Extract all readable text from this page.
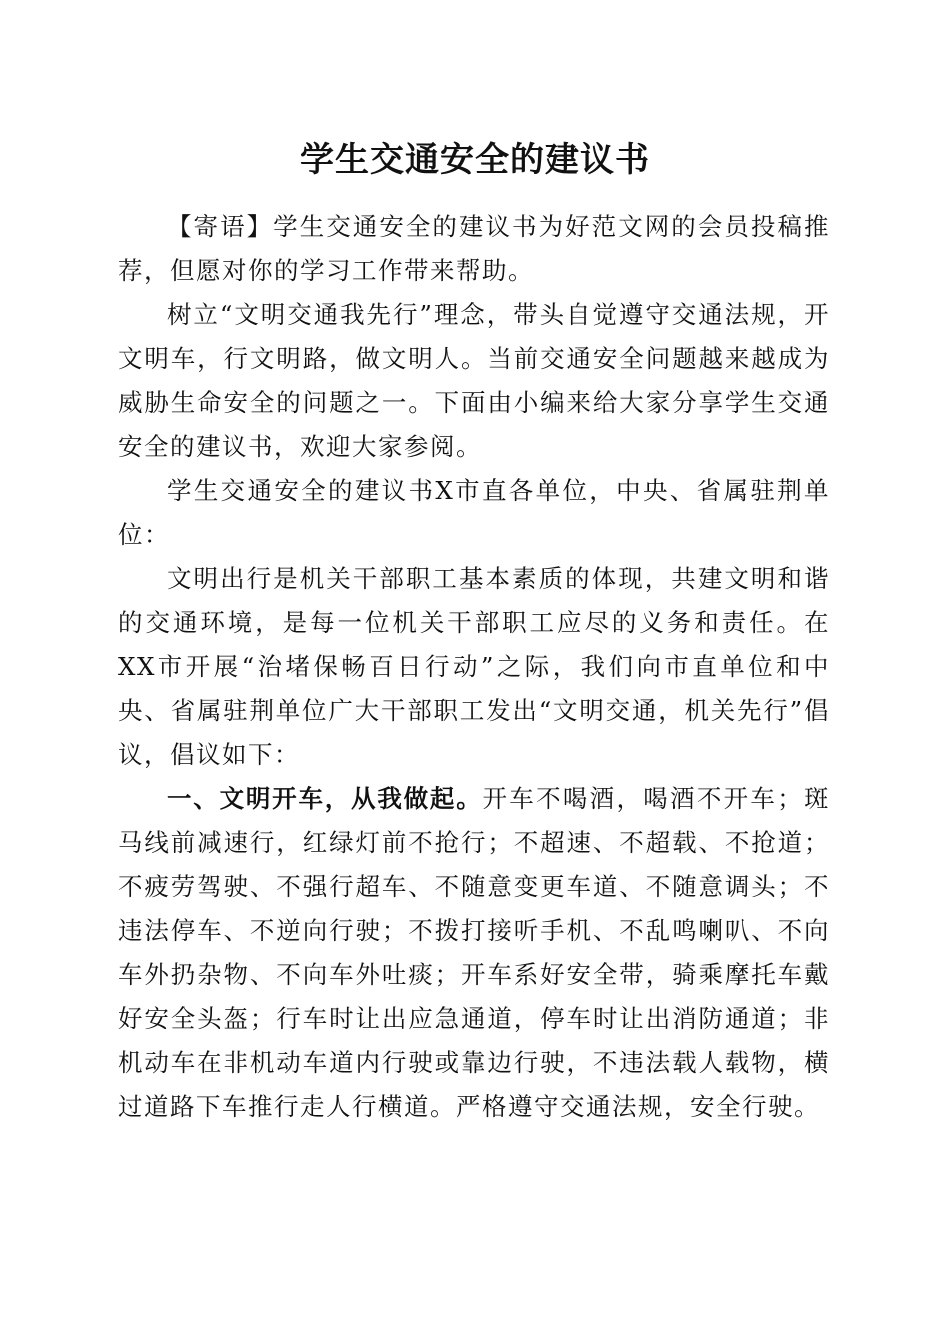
学生交通安全的建议书

【寄语】学生交通安全的建议书为好范文网的会员投稿推荐，但愿对你的学习工作带来帮助。

树立“文明交通我先行”理念，带头自觉遵守交通法规，开文明车，行文明路，做文明人。当前交通安全问题越来越成为威胁生命安全的问题之一。下面由小编来给大家分享学生交通安全的建议书，欢迎大家参阅。

学生交通安全的建议书X市直各单位，中央、省属驻荆单位：

文明出行是机关干部职工基本素质的体现，共建文明和谐的交通环境，是每一位机关干部职工应尽的义务和责任。在XX市开展“治堵保畅百日行动”之际，我们向市直单位和中央、省属驻荆单位广大干部职工发出“文明交通，机关先行”倡议，倡议如下：

一、文明开车，从我做起。开车不喝酒，喝酒不开车；斑马线前减速行，红绿灯前不抢行；不超速、不超载、不抢道；不疲劳驾驶、不强行超车、不随意变更车道、不随意调头；不违法停车、不逆向行驶；不拨打接听手机、不乱鸣喇叭、不向车外扔杂物、不向车外吐痰；开车系好安全带，骑乘摩托车戴好安全头盔；行车时让出应急通道，停车时让出消防通道；非机动车在非机动车道内行驶或靠边行驶，不违法载人载物，横过道路下车推行走人行横道。严格遵守交通法规，安全行驶。
